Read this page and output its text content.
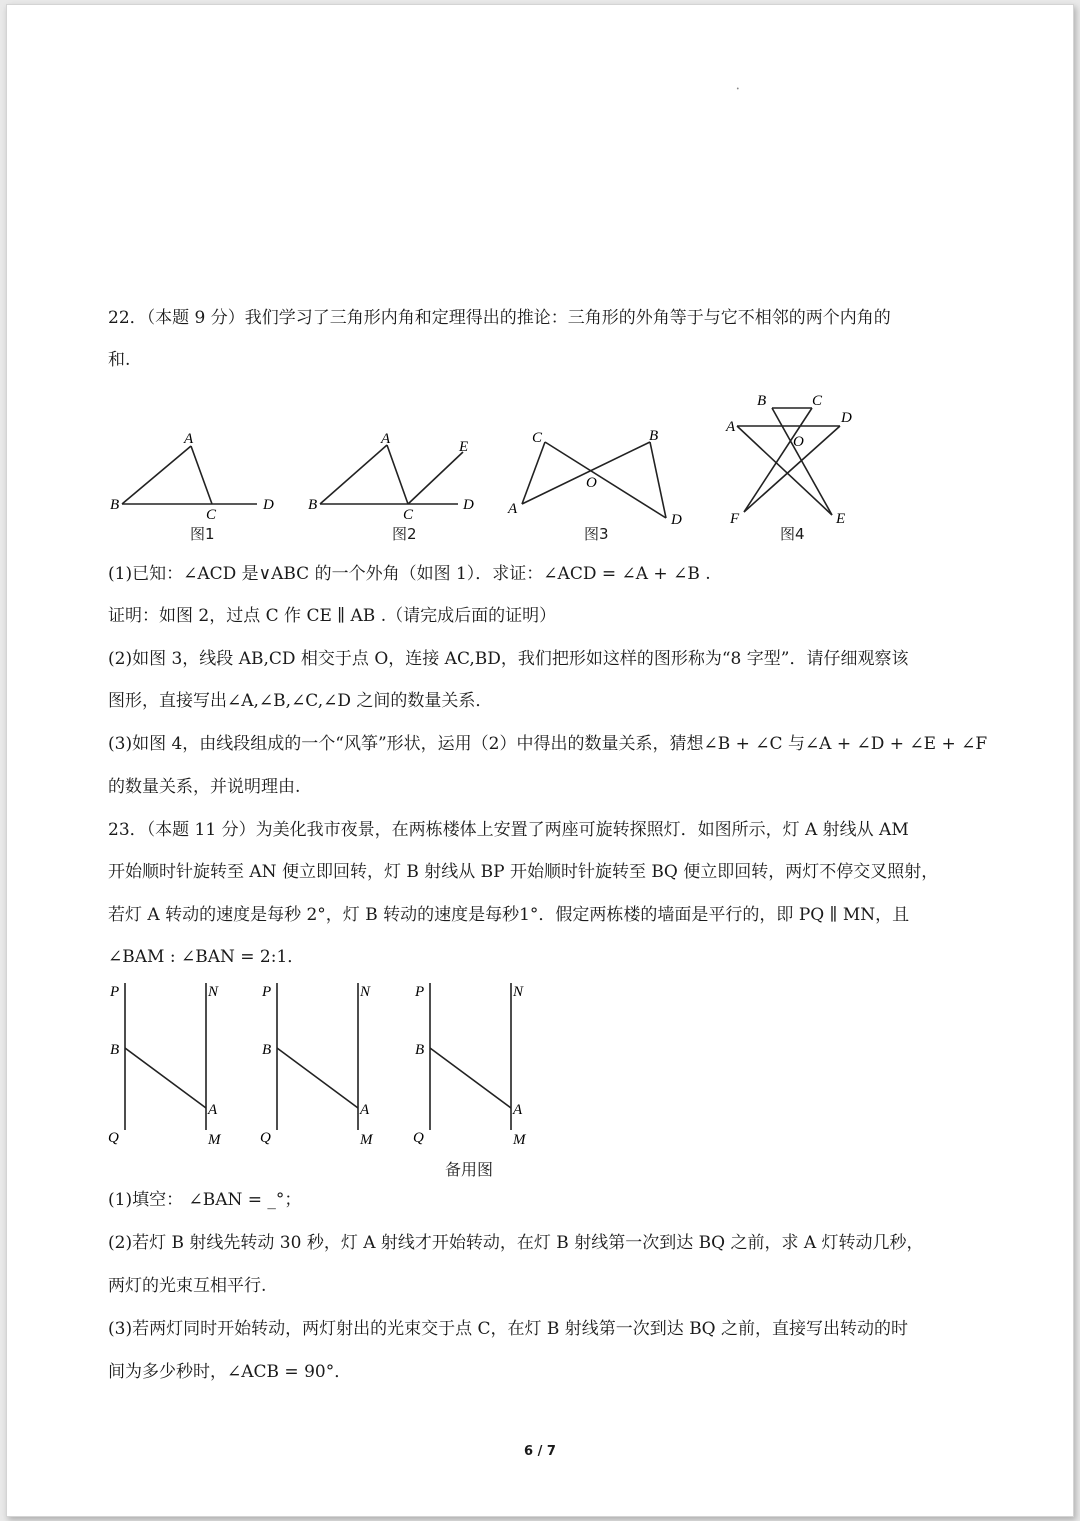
•
22．（本题 9 分）我们学习了三角形内角和定理得出的推论：三角形的外角等于与它不相邻的两个内角的
和.
A
B
C
D
A
B
C
D
E
A
B
C
D
O
B	C
A
D
O
F	E
图1	图2	图3	图4
(1)已知：∠ACD 是∨ABC 的一个外角（如图 1）．求证：∠ACD = ∠A + ∠B .
证明：如图 2，过点 C 作 CE ∥ AB .（请完成后面的证明）
(2)如图 3，线段 AB,CD 相交于点 O，连接 AC,BD，我们把形如这样的图形称为“8 字型”．请仔细观察该
图形，直接写出∠A,∠B,∠C,∠D 之间的数量关系．
(3)如图 4，由线段组成的一个“风筝”形状，运用（2）中得出的数量关系，猜想∠B + ∠C 与∠A + ∠D + ∠E + ∠F
的数量关系，并说明理由.
23．（本题 11 分）为美化我市夜景，在两栋楼体上安置了两座可旋转探照灯．如图所示，灯 A 射线从 AM
开始顺时针旋转至 AN 便立即回转，灯 B 射线从 BP 开始顺时针旋转至 BQ 便立即回转，两灯不停交叉照射，
若灯 A 转动的速度是每秒 2°，灯 B 转动的速度是每秒1°．假定两栋楼的墙面是平行的，即 PQ ∥ MN，且
∠BAM : ∠BAN = 2:1．
P	N
B
A
Q	M
P	N
B
A
Q	M
P	N
B
A
Q	M
备用图
(1)填空： ∠BAN = _°；
(2)若灯 B 射线先转动 30 秒，灯 A 射线才开始转动，在灯 B 射线第一次到达 BQ 之前，求 A 灯转动几秒，
两灯的光束互相平行.
(3)若两灯同时开始转动，两灯射出的光束交于点 C，在灯 B 射线第一次到达 BQ 之前，直接写出转动的时
间为多少秒时，∠ACB = 90°．
6 / 7
